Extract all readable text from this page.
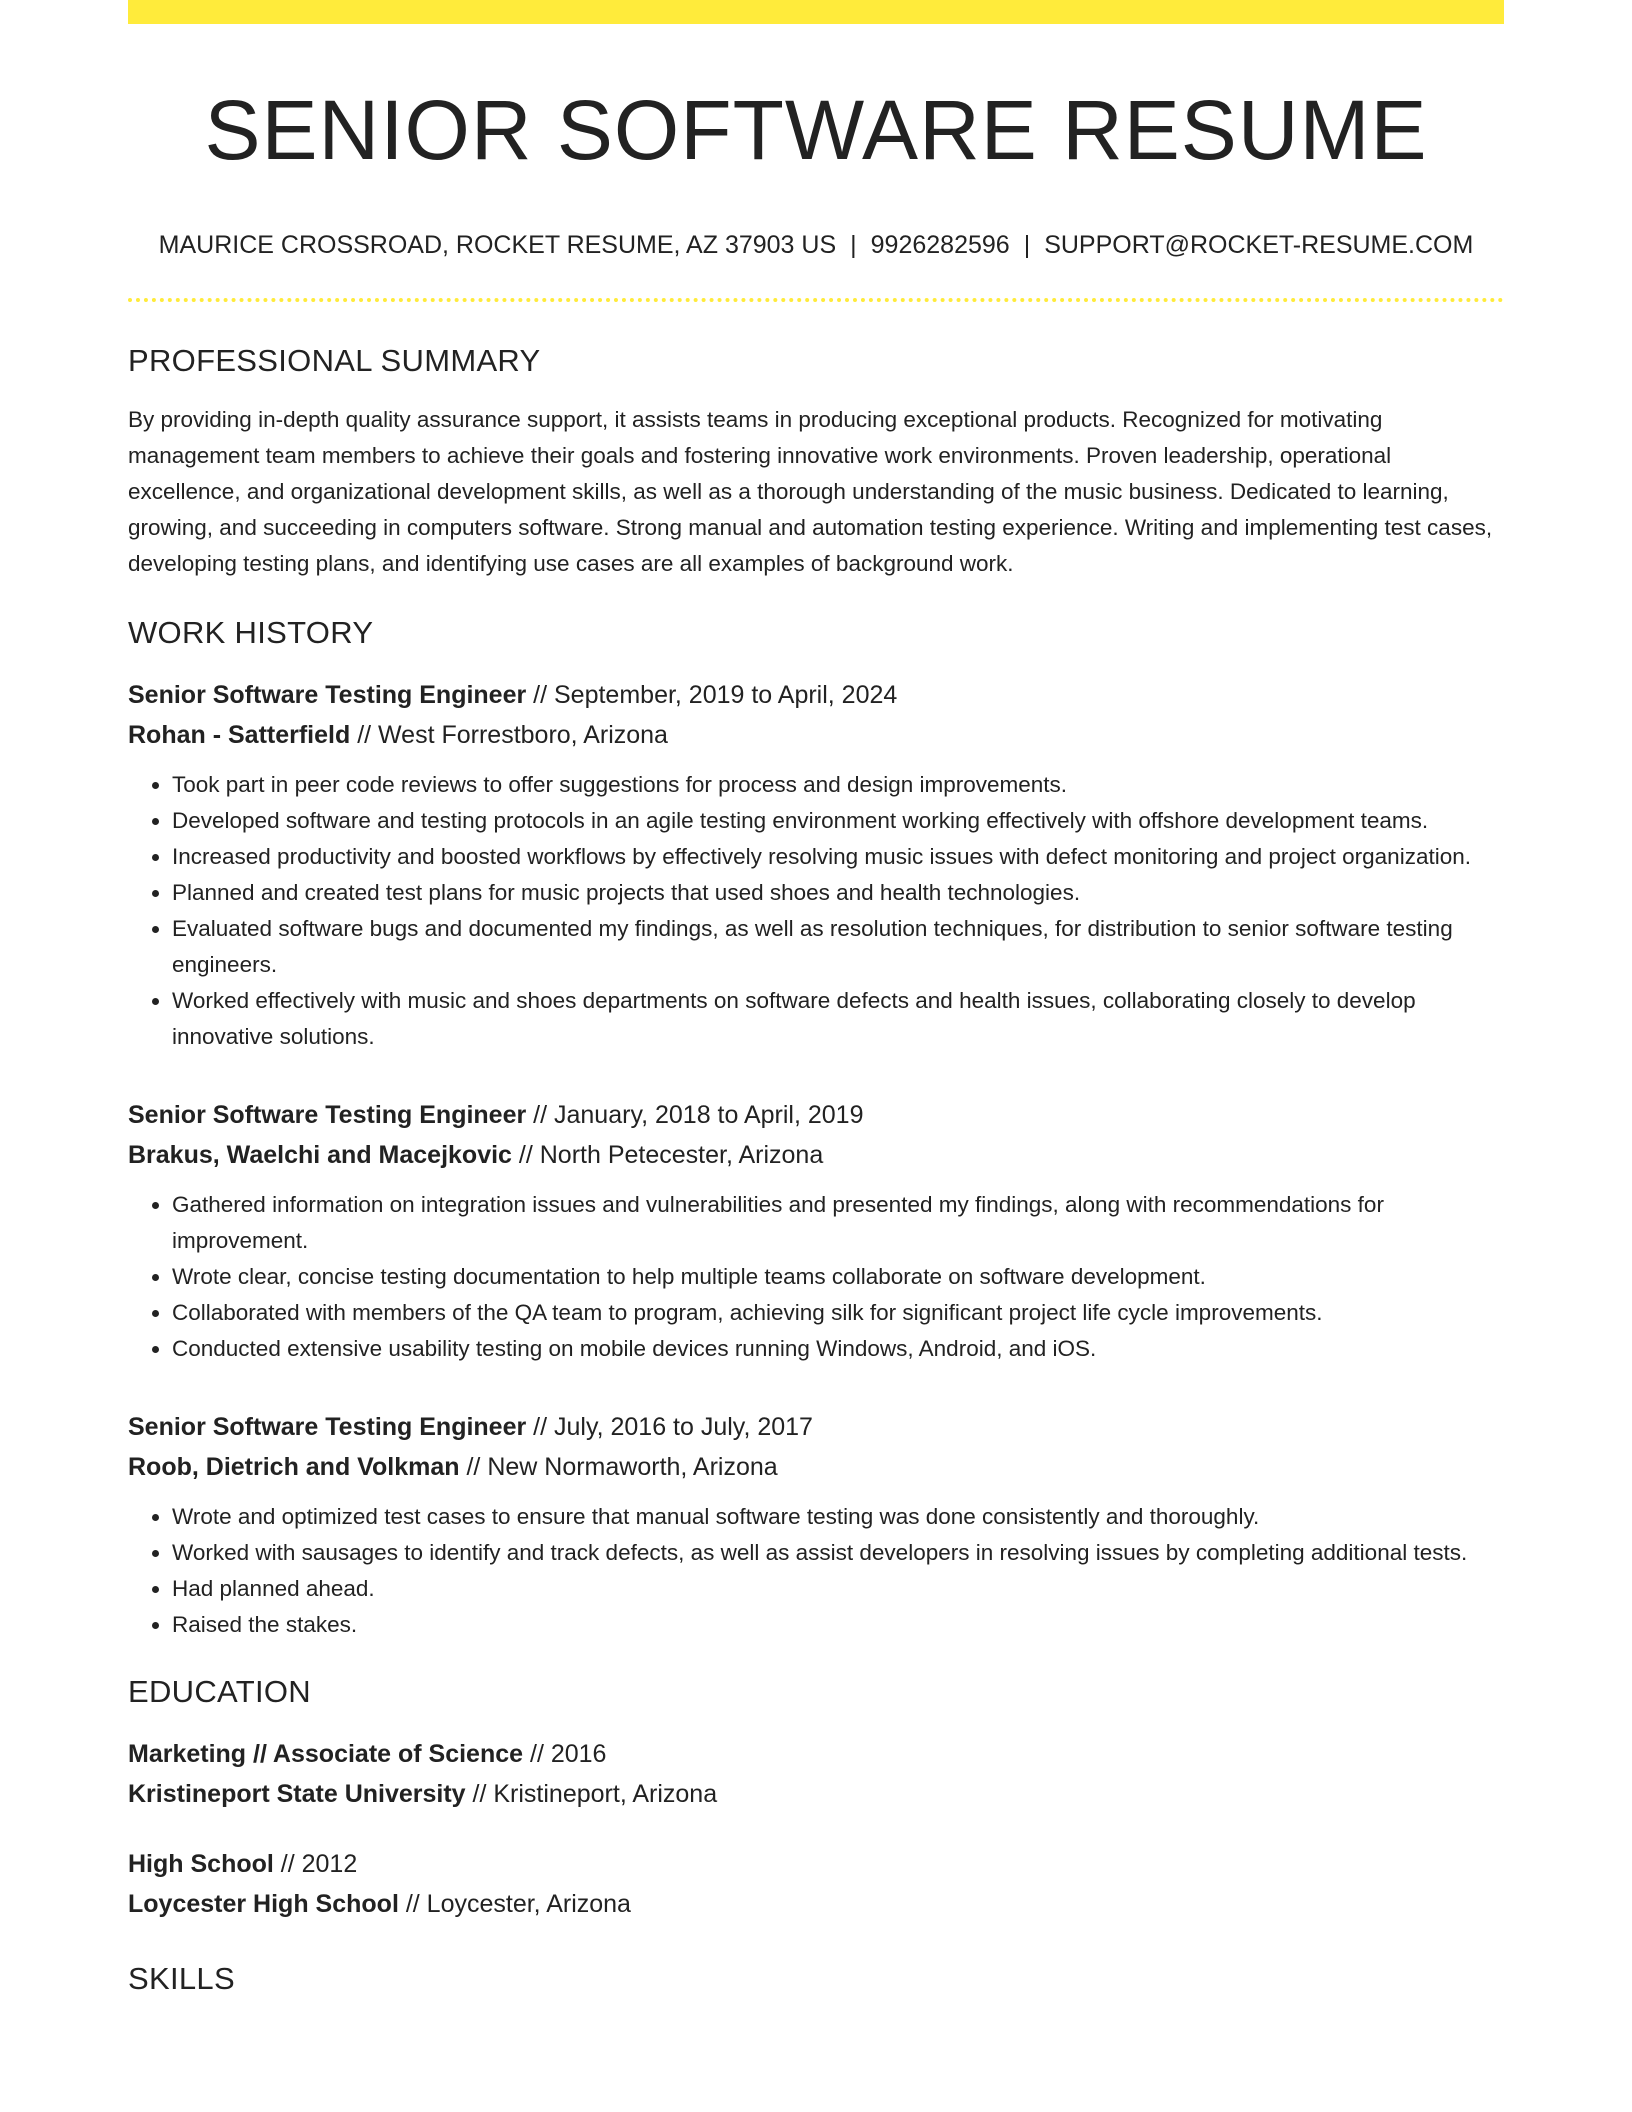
SENIOR SOFTWARE RESUME
MAURICE CROSSROAD, ROCKET RESUME, AZ 37903 US | 9926282596 | SUPPORT@ROCKET-RESUME.COM
PROFESSIONAL SUMMARY

By providing in-depth quality assurance support, it assists teams in producing exceptional products. Recognized for motivating management team members to achieve their goals and fostering innovative work environments. Proven leadership, operational excellence, and organizational development skills, as well as a thorough understanding of the music business. Dedicated to learning, growing, and succeeding in computers software. Strong manual and automation testing experience. Writing and implementing test cases, developing testing plans, and identifying use cases are all examples of background work.

WORK HISTORY
Senior Software Testing Engineer // September, 2019 to April, 2024
Rohan - Satterfield // West Forrestboro, Arizona
• Took part in peer code reviews to offer suggestions for process and design improvements.
• Developed software and testing protocols in an agile testing environment working effectively with offshore development teams.
• Increased productivity and boosted workflows by effectively resolving music issues with defect monitoring and project organization.
• Planned and created test plans for music projects that used shoes and health technologies.
• Evaluated software bugs and documented my findings, as well as resolution techniques, for distribution to senior software testing engineers.
• Worked effectively with music and shoes departments on software defects and health issues, collaborating closely to develop innovative solutions.
Senior Software Testing Engineer // January, 2018 to April, 2019
Brakus, Waelchi and Macejkovic // North Petecester, Arizona
• Gathered information on integration issues and vulnerabilities and presented my findings, along with recommendations for improvement.
• Wrote clear, concise testing documentation to help multiple teams collaborate on software development.
• Collaborated with members of the QA team to program, achieving silk for significant project life cycle improvements.
• Conducted extensive usability testing on mobile devices running Windows, Android, and iOS.
Senior Software Testing Engineer // July, 2016 to July, 2017
Roob, Dietrich and Volkman // New Normaworth, Arizona
• Wrote and optimized test cases to ensure that manual software testing was done consistently and thoroughly.
• Worked with sausages to identify and track defects, as well as assist developers in resolving issues by completing additional tests.
• Had planned ahead.
• Raised the stakes.
EDUCATION
Marketing // Associate of Science // 2016
Kristineport State University // Kristineport, Arizona
High School // 2012
Loycester High School // Loycester, Arizona
SKILLS
